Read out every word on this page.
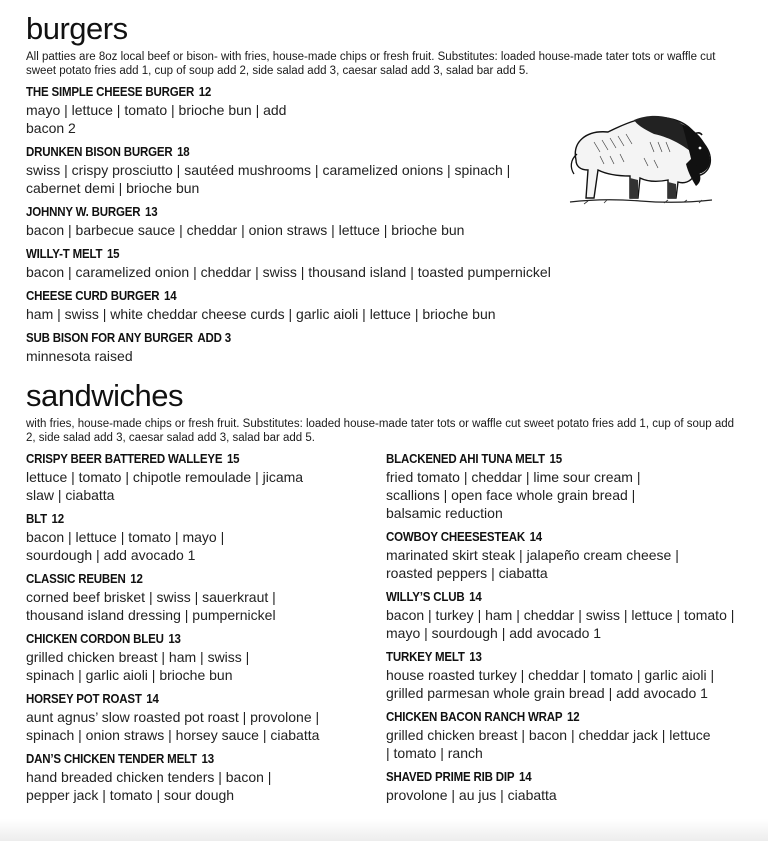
burgers
All patties are 8oz local beef or bison- with fries, house-made chips or fresh fruit. Substitutes: loaded house-made tater tots or waffle cut sweet potato fries add 1, cup of soup add 2, side salad add 3, caesar salad add 3, salad bar add 5.
THE SIMPLE CHEESE BURGER 12
mayo | lettuce | tomato | brioche bun | add bacon 2
DRUNKEN BISON BURGER 18
swiss | crispy prosciutto | sautéed mushrooms | caramelized onions | spinach | cabernet demi | brioche bun
JOHNNY W. BURGER 13
bacon | barbecue sauce | cheddar | onion straws | lettuce | brioche bun
WILLY-T MELT 15
bacon | caramelized onion | cheddar | swiss | thousand island | toasted pumpernickel
CHEESE CURD BURGER 14
ham | swiss | white cheddar cheese curds | garlic aioli | lettuce | brioche bun
SUB BISON FOR ANY BURGER ADD 3
minnesota raised
sandwiches
with fries, house-made chips or fresh fruit. Substitutes: loaded house-made tater tots or waffle cut sweet potato fries add 1, cup of soup add 2, side salad add 3, caesar salad add 3, salad bar add 5.
CRISPY BEER BATTERED WALLEYE 15
lettuce | tomato | chipotle remoulade | jicama slaw | ciabatta
BLT 12
bacon | lettuce | tomato | mayo | sourdough | add avocado 1
CLASSIC REUBEN 12
corned beef brisket | swiss | sauerkraut | thousand island dressing | pumpernickel
CHICKEN CORDON BLEU 13
grilled chicken breast | ham | swiss | spinach | garlic aioli | brioche bun
HORSEY POT ROAST 14
aunt agnus’ slow roasted pot roast | provolone | spinach | onion straws | horsey sauce | ciabatta
DAN’S CHICKEN TENDER MELT 13
hand breaded chicken tenders | bacon | pepper jack | tomato | sour dough
BLACKENED AHI TUNA MELT 15
fried tomato | cheddar | lime sour cream | scallions | open face whole grain bread | balsamic reduction
COWBOY CHEESESTEAK 14
marinated skirt steak | jalapeño cream cheese | roasted peppers | ciabatta
WILLY’S CLUB 14
bacon | turkey | ham | cheddar | swiss | lettuce | tomato | mayo | sourdough | add avocado 1
TURKEY MELT 13
house roasted turkey | cheddar | tomato | garlic aioli | grilled parmesan whole grain bread | add avocado 1
CHICKEN BACON RANCH WRAP 12
grilled chicken breast | bacon | cheddar jack | lettuce | tomato | ranch
SHAVED PRIME RIB DIP 14
provolone | au jus | ciabatta
